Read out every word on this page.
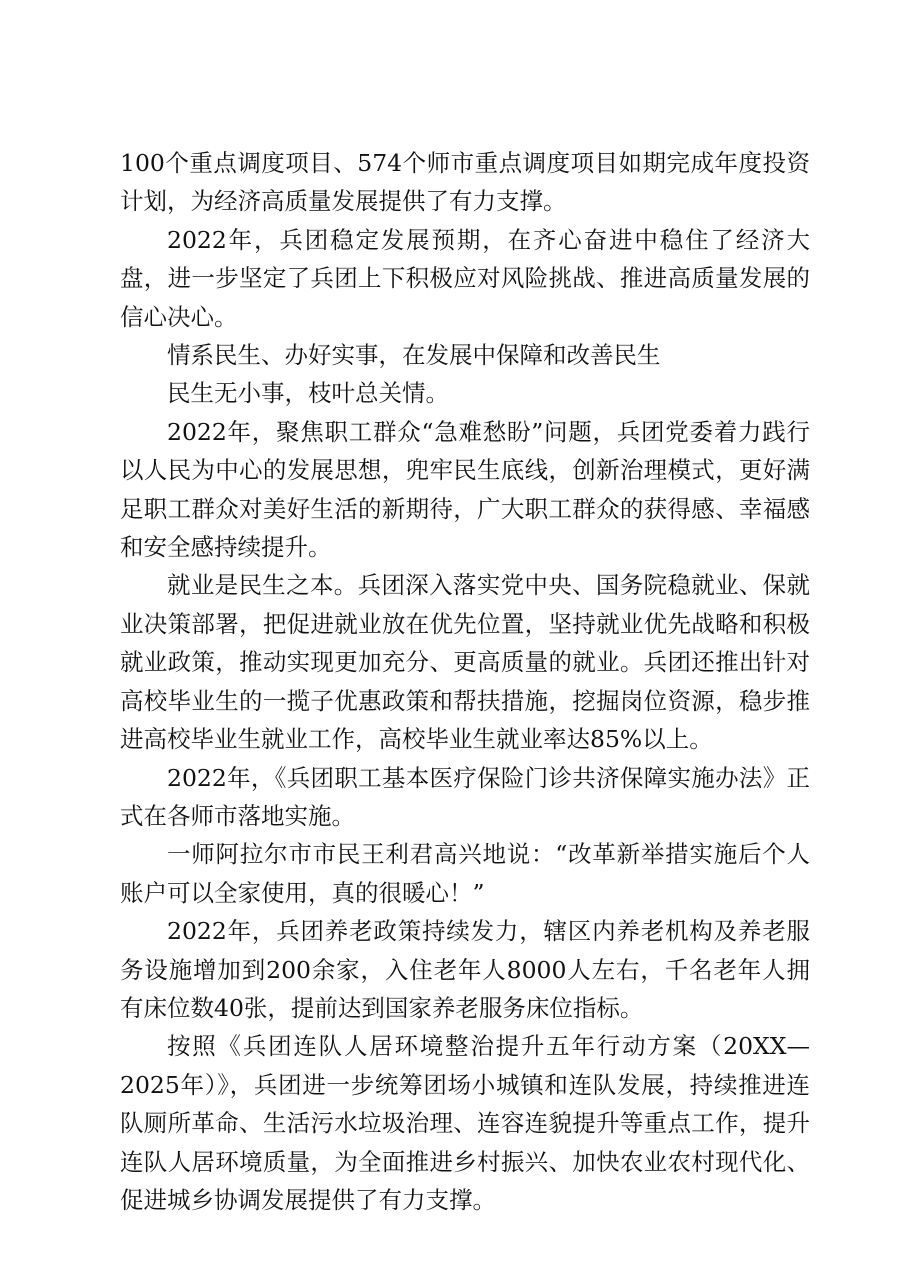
100个重点调度项目、574个师市重点调度项目如期完成年度投资计划，为经济高质量发展提供了有力支撑。

2022年，兵团稳定发展预期，在齐心奋进中稳住了经济大盘，进一步坚定了兵团上下积极应对风险挑战、推进高质量发展的信心决心。

情系民生、办好实事，在发展中保障和改善民生

民生无小事，枝叶总关情。

2022年，聚焦职工群众“急难愁盼”问题，兵团党委着力践行以人民为中心的发展思想，兜牢民生底线，创新治理模式，更好满足职工群众对美好生活的新期待，广大职工群众的获得感、幸福感和安全感持续提升。

就业是民生之本。兵团深入落实党中央、国务院稳就业、保就业决策部署，把促进就业放在优先位置，坚持就业优先战略和积极就业政策，推动实现更加充分、更高质量的就业。兵团还推出针对高校毕业生的一揽子优惠政策和帮扶措施，挖掘岗位资源，稳步推进高校毕业生就业工作，高校毕业生就业率达85%以上。

2022年，《兵团职工基本医疗保险门诊共济保障实施办法》正式在各师市落地实施。

一师阿拉尔市市民王利君高兴地说：“改革新举措实施后个人账户可以全家使用，真的很暖心！”

2022年，兵团养老政策持续发力，辖区内养老机构及养老服务设施增加到200余家，入住老年人8000人左右，千名老年人拥有床位数40张，提前达到国家养老服务床位指标。

按照《兵团连队人居环境整治提升五年行动方案（20XX—2025年）》，兵团进一步统筹团场小城镇和连队发展，持续推进连队厕所革命、生活污水垃圾治理、连容连貌提升等重点工作，提升连队人居环境质量，为全面推进乡村振兴、加快农业农村现代化、促进城乡协调发展提供了有力支撑。
